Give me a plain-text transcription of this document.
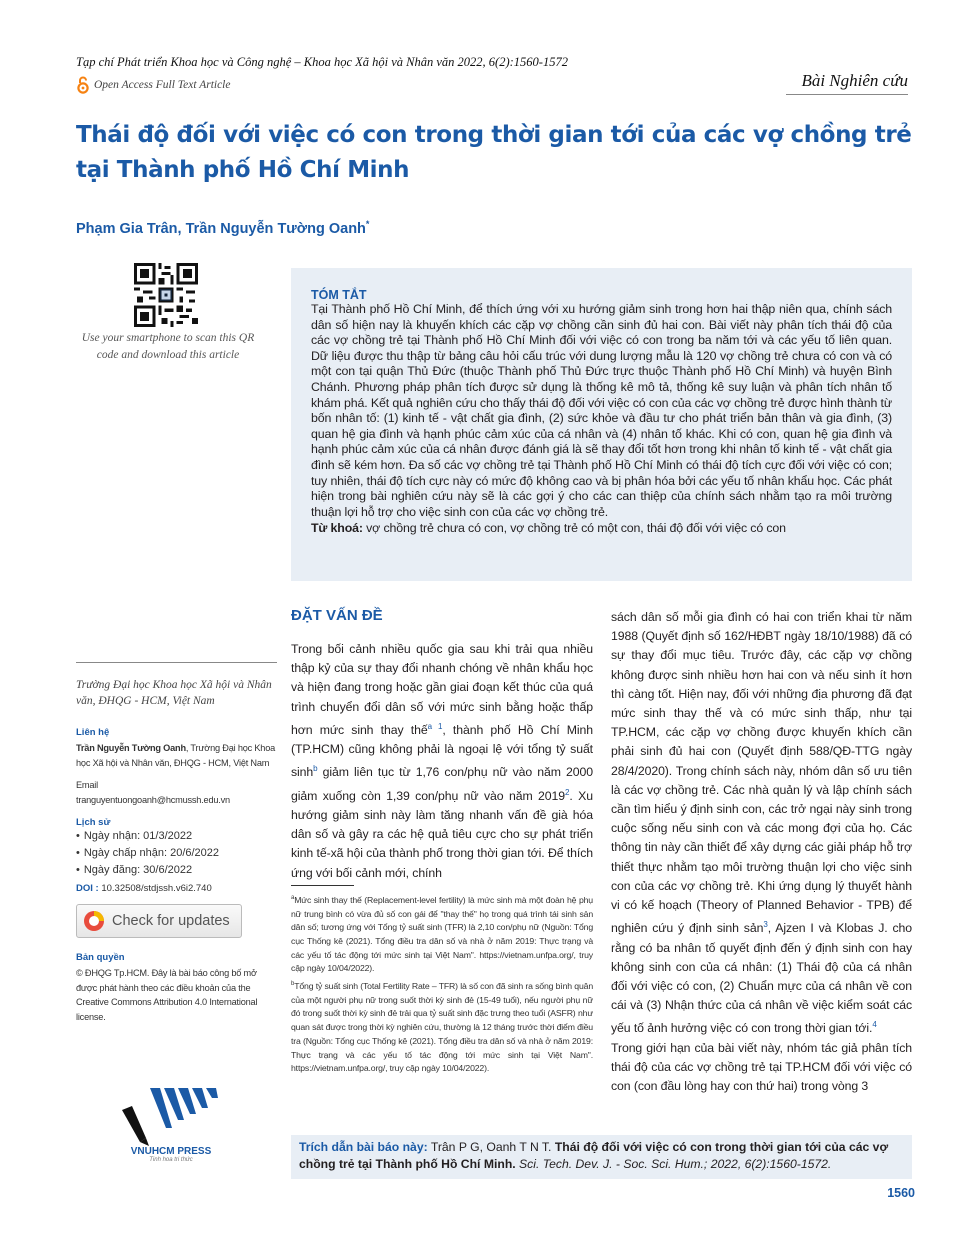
Tạp chí Phát triển Khoa học và Công nghệ – Khoa học Xã hội và Nhân văn 2022, 6(2):1560-1572
Open Access Full Text Article	Bài Nghiên cứu
Thái độ đối với việc có con trong thời gian tới của các vợ chồng trẻ tại Thành phố Hồ Chí Minh
Phạm Gia Trân, Trần Nguyễn Tường Oanh*
Use your smartphone to scan this QR code and download this article
TÓM TẮT
Tại Thành phố Hồ Chí Minh, để thích ứng với xu hướng giảm sinh trong hơn hai thập niên qua, chính sách dân số hiện nay là khuyến khích các cặp vợ chồng cần sinh đủ hai con. Bài viết này phân tích thái độ của các vợ chồng trẻ tại Thành phố Hồ Chí Minh đối với việc có con trong ba năm tới và các yếu tố liên quan. Dữ liệu được thu thập từ bảng câu hỏi cấu trúc với dung lượng mẫu là 120 vợ chồng trẻ chưa có con và có một con tại quận Thủ Đức (thuộc Thành phố Thủ Đức trực thuộc Thành phố Hồ Chí Minh) và huyện Bình Chánh. Phương pháp phân tích được sử dụng là thống kê mô tả, thống kê suy luận và phân tích nhân tố khám phá. Kết quả nghiên cứu cho thấy thái độ đối với việc có con của các vợ chồng trẻ được hình thành từ bốn nhân tố: (1) kinh tế - vật chất gia đình, (2) sức khỏe và đầu tư cho phát triển bản thân và gia đình, (3) quan hệ gia đình và hạnh phúc cảm xúc của cá nhân và (4) nhân tố khác. Khi có con, quan hệ gia đình và hạnh phúc cảm xúc của cá nhân được đánh giá là sẽ thay đổi tốt hơn trong khi nhân tố kinh tế - vật chất gia đình sẽ kém hơn. Đa số các vợ chồng trẻ tại Thành phố Hồ Chí Minh có thái độ tích cực đối với việc có con; tuy nhiên, thái độ tích cực này có mức độ không cao và bị phân hóa bởi các yếu tố nhân khẩu học. Các phát hiện trong bài nghiên cứu này sẽ là các gợi ý cho các can thiệp của chính sách nhằm tạo ra môi trường thuận lợi hỗ trợ cho việc sinh con của các vợ chồng trẻ.
Từ khoá: vợ chồng trẻ chưa có con, vợ chồng trẻ có một con, thái độ đối với việc có con
Trường Đại học Khoa học Xã hội và Nhân văn, ĐHQG - HCM, Việt Nam
Liên hệ
Trần Nguyễn Tường Oanh, Trường Đại học Khoa học Xã hội và Nhân văn, ĐHQG - HCM, Việt Nam
Email
tranguyentuongoanh@hcmussh.edu.vn
Lịch sử
• Ngày nhận: 01/3/2022
• Ngày chấp nhận: 20/6/2022
• Ngày đăng: 30/6/2022
DOI : 10.32508/stdjssh.v6i2.740
Check for updates
Bản quyền
© ĐHQG Tp.HCM. Đây là bài báo công bố mở được phát hành theo các điều khoản của the Creative Commons Attribution 4.0 International license.
VNUHCM PRESS
Tinh hoa tri thức
ĐẶT VẤN ĐỀ

Trong bối cảnh nhiều quốc gia sau khi trải qua nhiều thập kỷ của sự thay đổi nhanh chóng về nhân khẩu học và hiện đang trong hoặc gần giai đoạn kết thúc của quá trình chuyển đổi dân số với mức sinh bằng hoặc thấp hơn mức sinh thay thế$^{a 1}$, thành phố Hồ Chí Minh (TP.HCM) cũng không phải là ngoại lệ với tổng tỷ suất $\sinh^b$ giảm liên tục từ 1,76 con/phụ nữ vào năm 2000 giảm xuống còn 1,39 con/phụ nữ vào năm 2019$^2$. Xu hướng giảm sinh này làm tăng nhanh vấn đề già hóa dân số và gây ra các hệ quả tiêu cực cho sự phát triển kinh tế-xã hội của thành phố trong thời gian tới. Để thích ứng với bối cảnh mới, chính

sách dân số mỗi gia đình có hai con triển khai từ năm 1988 (Quyết định số 162/HĐBT ngày 18/10/1988) đã có sự thay đổi mục tiêu. Trước đây, các cặp vợ chồng không được sinh nhiều hơn hai con và nếu sinh ít hơn thì càng tốt. Hiện nay, đối với những địa phương đã đạt mức sinh thay thế và có mức sinh thấp, như tại TP.HCM, các cặp vợ chồng được khuyến khích cần phải sinh đủ hai con (Quyết định 588/QĐ-TTG ngày 28/4/2020). Trong chính sách này, nhóm dân số ưu tiên là các vợ chồng trẻ. Các nhà quản lý và lập chính sách cần tìm hiểu ý định sinh con, các trở ngại này sinh trong cuộc sống nếu sinh con và các mong đợi của họ. Các thông tin này cần thiết để xây dựng các giải pháp hỗ trợ thiết thực nhằm tạo môi trường thuận lợi cho việc sinh con của các vợ chồng trẻ. Khi ứng dụng lý thuyết hành vi có kế hoạch (Theory of Planned Behavior - TPB) để nghiên cứu ý định sinh sản$^3$, Ajzen I và Klobas J. cho rằng có ba nhân tố quyết định đến ý định sinh con hay không sinh con của cá nhân: (1) Thái độ của cá nhân đối với việc có con, (2) Chuẩn mực của cá nhân về con cái và (3) Nhận thức của cá nhân về việc kiểm soát các yếu tố ảnh hưởng việc có con trong thời gian tới.$^4$

Trong giới hạn của bài viết này, nhóm tác giả phân tích thái độ của các vợ chồng trẻ tại TP.HCM đối với việc có con (con đầu lòng hay con thứ hai) trong vòng 3

$^a$Mức sinh thay thế (Replacement-level fertility) là mức sinh mà một đoàn hệ phụ nữ trung bình có vừa đủ số con gái để "thay thế" họ trong quá trình tái sinh sản dân số; tương ứng với Tổng tỷ suất sinh (TFR) là 2,10 con/phụ nữ (Nguồn: Tổng cục Thống kê (2021). Tổng điều tra dân số và nhà ở năm 2019: Thực trạng và các yếu tố tác động tới mức sinh tại Việt Nam". https://vietnam.unfpa.org/, truy cập ngày 10/04/2022).

$^b$Tổng tỷ suất sinh (Total Fertility Rate – TFR) là số con đã sinh ra sống bình quân của một người phụ nữ trong suốt thời kỳ sinh đẻ (15-49 tuổi), nếu người phụ nữ đó trong suốt thời kỳ sinh đẻ trải qua tỷ suất sinh đặc trưng theo tuổi (ASFR) như quan sát được trong thời kỳ nghiên cứu, thường là 12 tháng trước thời điểm điều tra (Nguồn: Tổng cục Thống kê (2021). Tổng điều tra dân số và nhà ở năm 2019: Thực trạng và các yếu tố tác động tới mức sinh tại Việt Nam". https://vietnam.unfpa.org/, truy cập ngày 10/04/2022).

Trích dẫn bài báo này: Trân P G, Oanh T N T. Thái độ đối với việc có con trong thời gian tới của các vợ chồng trẻ tại Thành phố Hồ Chí Minh. Sci. Tech. Dev. J. - Soc. Sci. Hum.; 2022, 6(2):1560-1572.
1560
